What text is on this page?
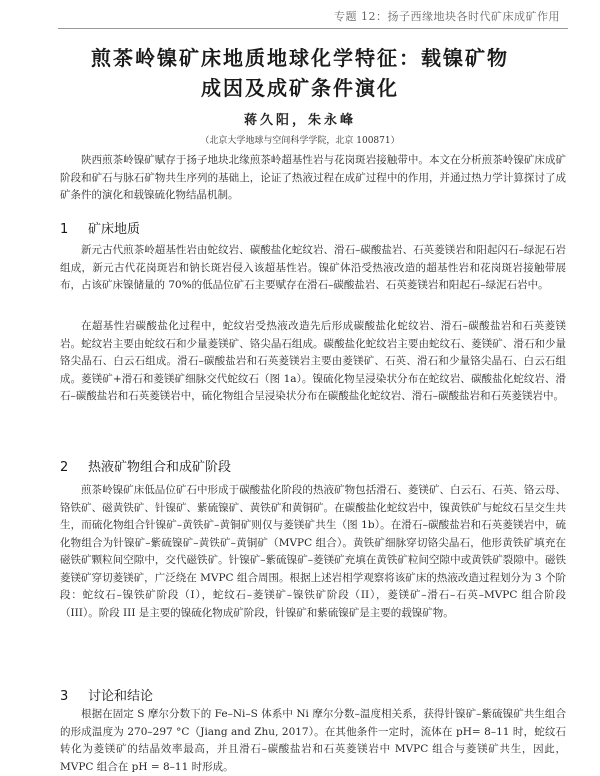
专题 12：扬子西缘地块各时代矿床成矿作用
煎茶岭镍矿床地质地球化学特征：载镍矿物
成因及成矿条件演化
蒋久阳，朱永峰
（北京大学地球与空间科学学院，北京 100871）

陕西煎茶岭镍矿赋存于扬子地块北缘煎茶岭超基性岩与花岗斑岩接触带中。本文在分析煎茶岭镍矿床成矿阶段和矿石与脉石矿物共生序列的基础上，论证了热液过程在成矿过程中的作用，并通过热力学计算探讨了成矿条件的演化和载镍硫化物结晶机制。

1 矿床地质

新元古代煎茶岭超基性岩由蛇纹岩、碳酸盐化蛇纹岩、滑石–碳酸盐岩、石英菱镁岩和阳起闪石–绿泥石岩组成，新元古代花岗斑岩和钠长斑岩侵入该超基性岩。镍矿体沿受热液改造的超基性岩和花岗斑岩接触带展布，占该矿床镍储量的 70%的低品位矿石主要赋存在滑石–碳酸盐岩、石英菱镁岩和阳起石–绿泥石岩中。

在超基性岩碳酸盐化过程中，蛇纹岩受热液改造先后形成碳酸盐化蛇纹岩、滑石–碳酸盐岩和石英菱镁岩。蛇纹岩主要由蛇纹石和少量菱镁矿、铬尖晶石组成。碳酸盐化蛇纹岩主要由蛇纹石、菱镁矿、滑石和少量铬尖晶石、白云石组成。滑石–碳酸盐岩和石英菱镁岩主要由菱镁矿、石英、滑石和少量铬尖晶石、白云石组成。菱镁矿+滑石和菱镁矿细脉交代蛇纹石（图 1a）。镍硫化物呈浸染状分布在蛇纹岩、碳酸盐化蛇纹岩、滑石–碳酸盐岩和石英菱镁岩中，硫化物组合呈浸染状分布在碳酸盐化蛇纹岩、滑石–碳酸盐岩和石英菱镁岩中。

2 热液矿物组合和成矿阶段

煎茶岭镍矿床低品位矿石中形成于碳酸盐化阶段的热液矿物包括滑石、菱镁矿、白云石、石英、铬云母、铬铁矿、磁黄铁矿、针镍矿、紫硫镍矿、黄铁矿和黄铜矿。在碳酸盐化蛇纹岩中，镍黄铁矿与蛇纹石呈交生共生，而硫化物组合针镍矿–黄铁矿–黄铜矿则仅与菱镁矿共生（图 1b）。在滑石–碳酸盐岩和石英菱镁岩中，硫化物组合为针镍矿–紫硫镍矿–黄铁矿–黄铜矿（MVPC 组合）。黄铁矿细脉穿切铬尖晶石，他形黄铁矿填充在磁铁矿颗粒间空隙中，交代磁铁矿。针镍矿–紫硫镍矿–菱镁矿充填在黄铁矿粒间空隙中或黄铁矿裂隙中。磁铁菱镁矿穿切菱镁矿，广泛绕在 MVPC 组合周围。根据上述岩相学观察将该矿床的热液改造过程划分为 3 个阶段：蛇纹石–镍铁矿阶段（I），蛇纹石–菱镁矿–镍铁矿阶段（II），菱镁矿–滑石–石英–MVPC 组合阶段（III）。阶段 III 是主要的镍硫化物成矿阶段，针镍矿和紫硫镍矿是主要的载镍矿物。

3 讨论和结论

根据在固定 S 摩尔分数下的 Fe–Ni–S 体系中 Ni 摩尔分数–温度相关系，获得针镍矿–紫硫镍矿共生组合的形成温度为 270–297 °C（Jiang and Zhu, 2017）。在其他条件一定时，流体在 pH= 8–11 时，蛇纹石转化为菱镁矿的结晶效率最高，并且滑石–碳酸盐岩和石英菱镁岩中 MVPC 组合与菱镁矿共生，因此，MVPC 组合在 pH = 8–11 时形成。
